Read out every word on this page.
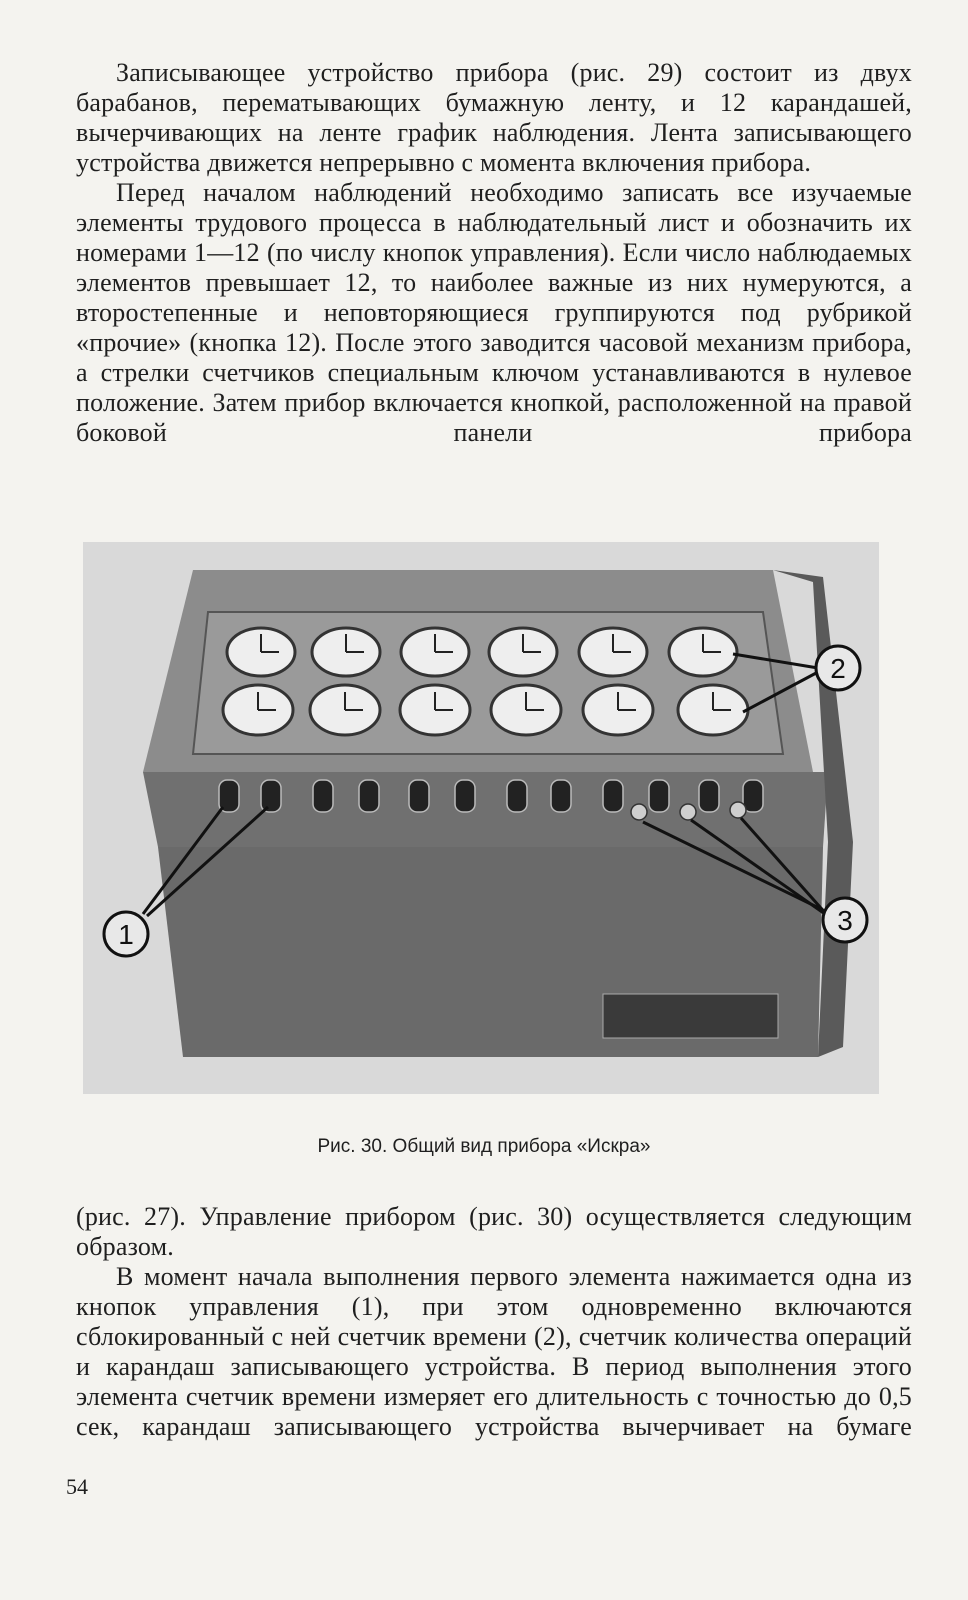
Записывающее устройство прибора (рис. 29) состоит из двух барабанов, перематывающих бумажную ленту, и 12 карандашей, вычерчивающих на ленте график наблюдения. Лента записывающего устройства движется непрерывно с момента включения прибора.

Перед началом наблюдений необходимо записать все изучаемые элементы трудового процесса в наблюдательный лист и обозначить их номерами 1—12 (по числу кнопок управления). Если число наблюдаемых элементов превышает 12, то наиболее важные из них нумеруются, а второстепенные и неповторяющиеся группируются под рубрикой «прочие» (кнопка 12). После этого заводится часовой механизм прибора, а стрелки счетчиков специальным ключом устанавливаются в нулевое положение. Затем прибор включается кнопкой, расположенной на правой боковой панели прибора

2
1	3
Рис. 30. Общий вид прибора «Искра»

(рис. 27). Управление прибором (рис. 30) осуществляется следующим образом.

В момент начала выполнения первого элемента нажимается одна из кнопок управления (1), при этом одновременно включаются сблокированный с ней счетчик времени (2), счетчик количества операций и карандаш записывающего устройства. В период выполнения этого элемента счетчик времени измеряет его длительность с точностью до 0,5 сек, карандаш записывающего устройства вычерчивает на бумаге

54
